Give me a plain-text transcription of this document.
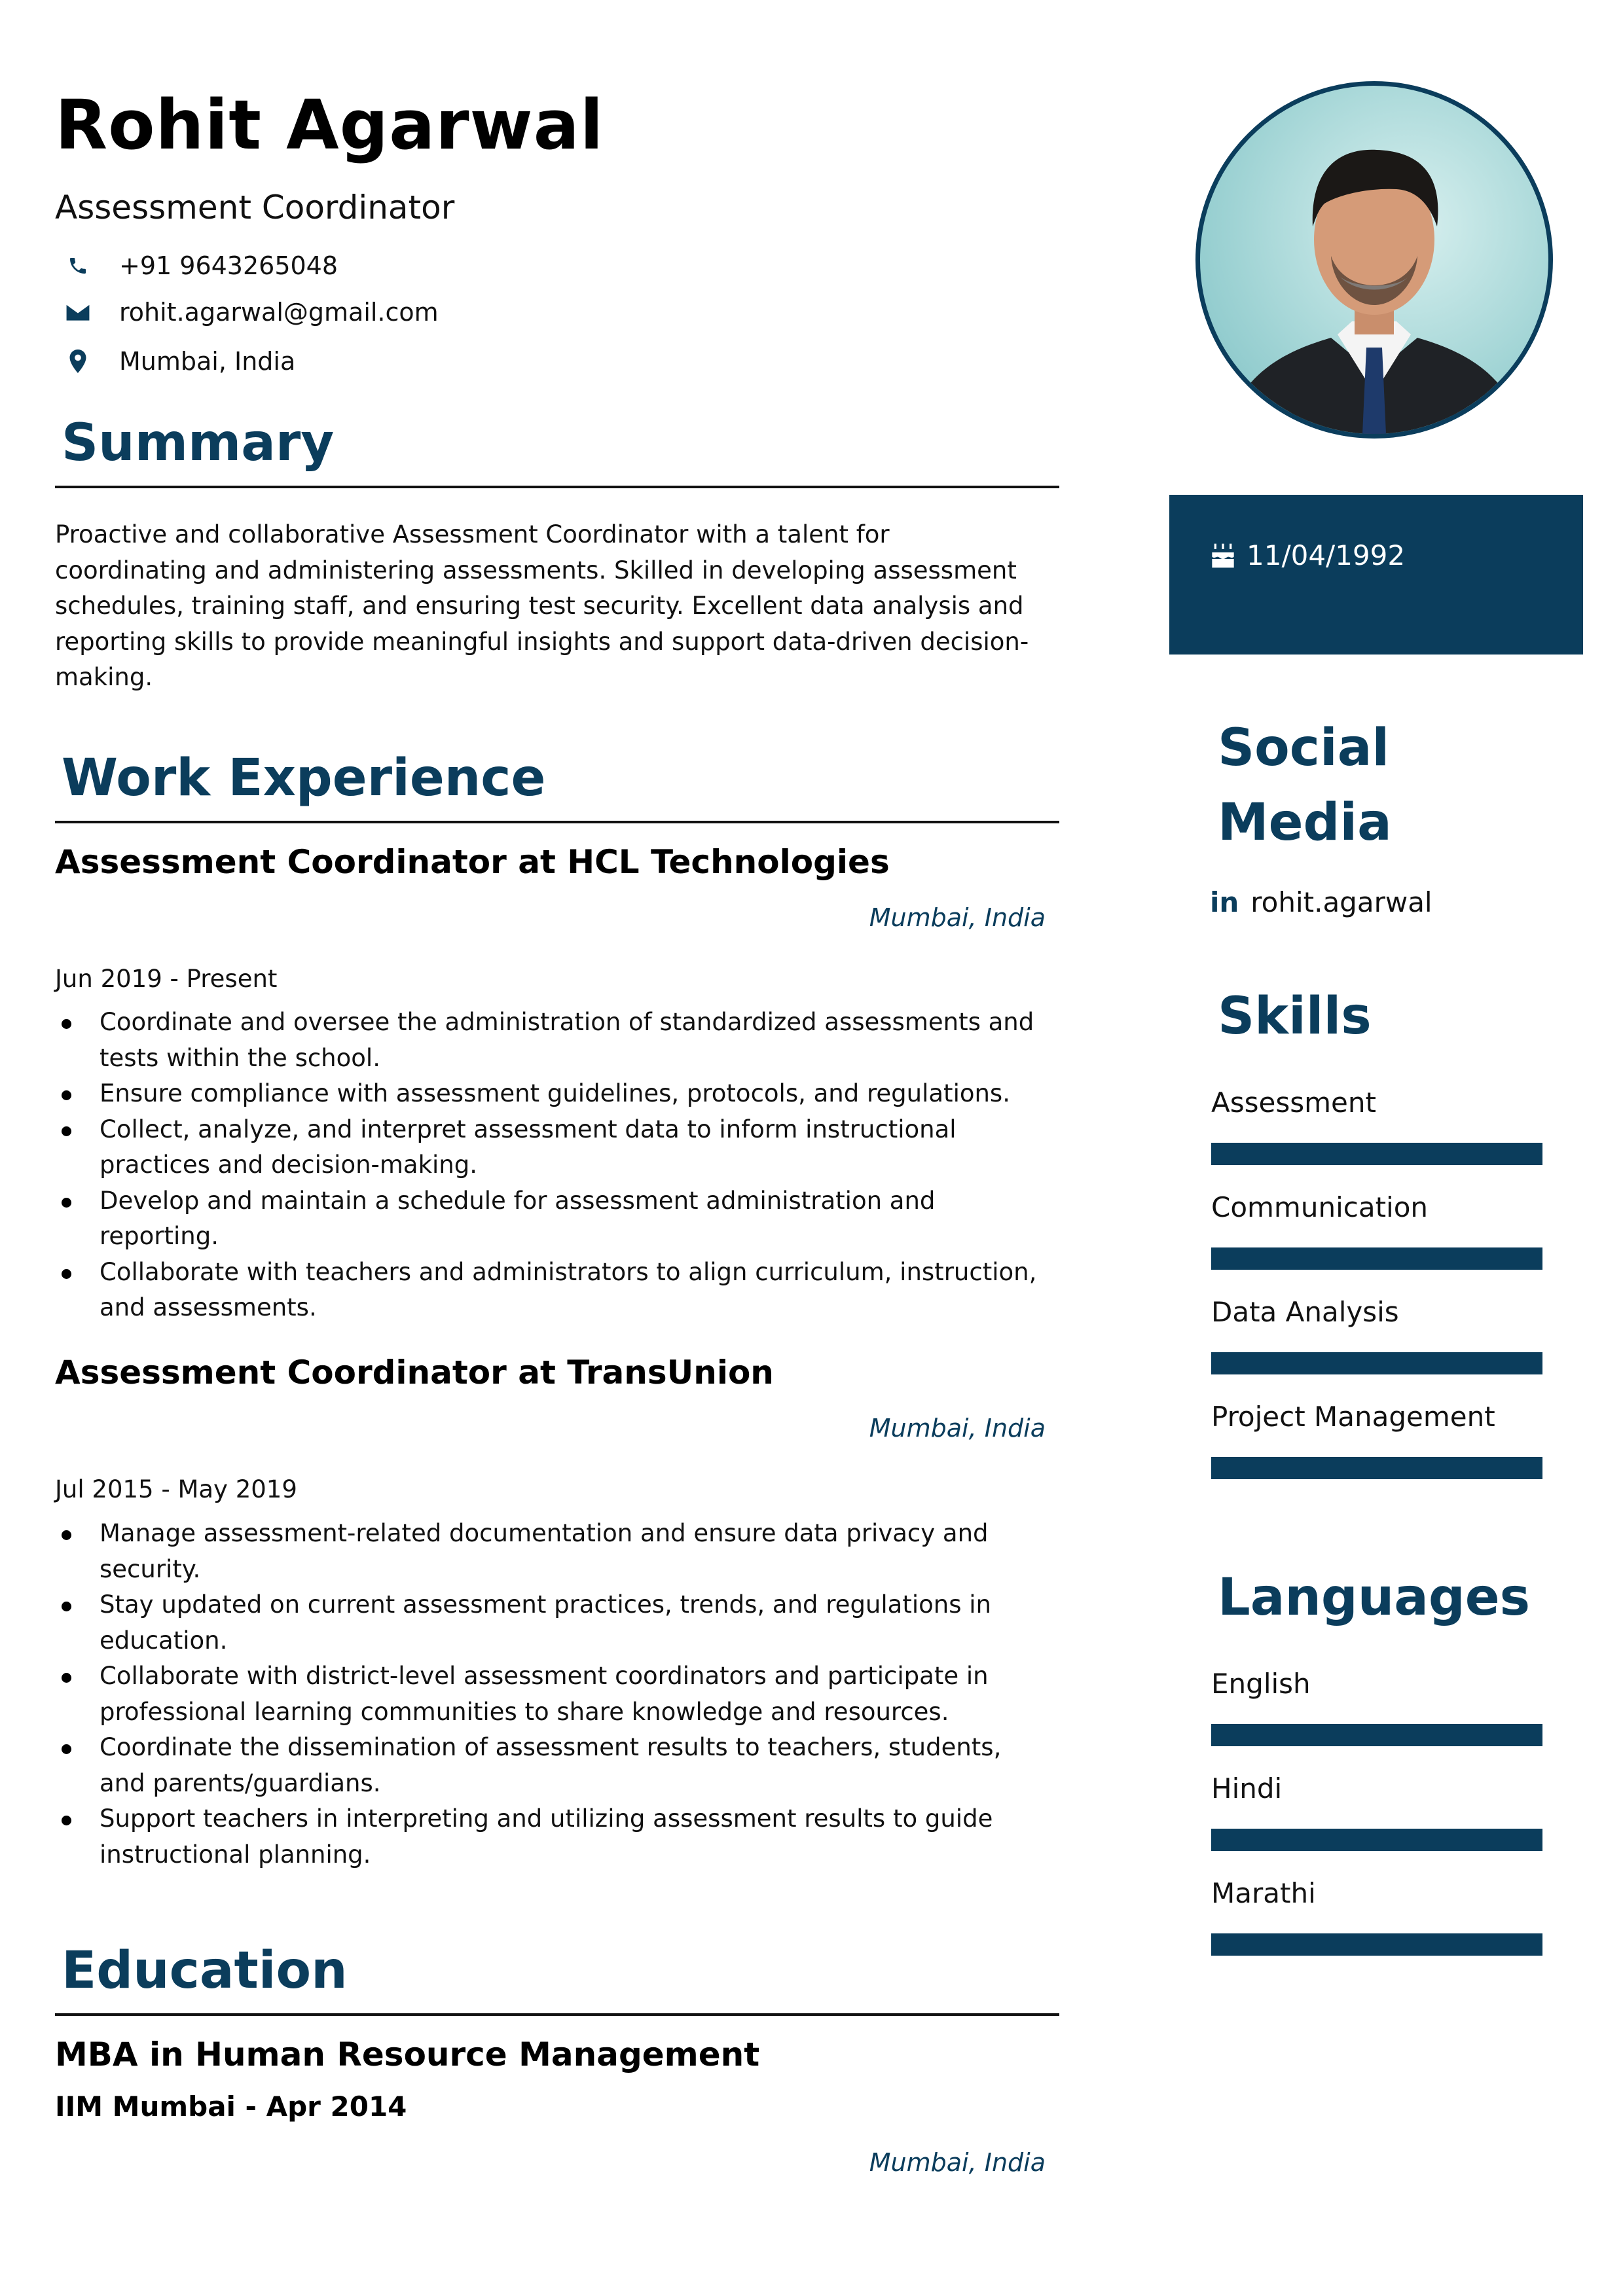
Rohit Agarwal
Assessment Coordinator
+91 9643265048
rohit.agarwal@gmail.com
Mumbai, India
Summary
Proactive and collaborative Assessment Coordinator with a talent for
coordinating and administering assessments. Skilled in developing assessment
schedules, training staff, and ensuring test security. Excellent data analysis and
reporting skills to provide meaningful insights and support data-driven decision-
making.
Work Experience
Assessment Coordinator at HCL Technologies
Mumbai, India
Jun 2019 - Present
Coordinate and oversee the administration of standardized assessments and
tests within the school.
Ensure compliance with assessment guidelines, protocols, and regulations.
Collect, analyze, and interpret assessment data to inform instructional
practices and decision-making.
Develop and maintain a schedule for assessment administration and
reporting.
Collaborate with teachers and administrators to align curriculum, instruction,
and assessments.
Assessment Coordinator at TransUnion
Mumbai, India
Jul 2015 - May 2019
Manage assessment-related documentation and ensure data privacy and
security.
Stay updated on current assessment practices, trends, and regulations in
education.
Collaborate with district-level assessment coordinators and participate in
professional learning communities to share knowledge and resources.
Coordinate the dissemination of assessment results to teachers, students,
and parents/guardians.
Support teachers in interpreting and utilizing assessment results to guide
instructional planning.
Education
MBA in Human Resource Management
IIM Mumbai - Apr 2014
Mumbai, India
11/04/1992
Social
Media
in rohit.agarwal
Skills
Assessment
Communication
Data Analysis
Project Management
Languages
English
Hindi
Marathi
